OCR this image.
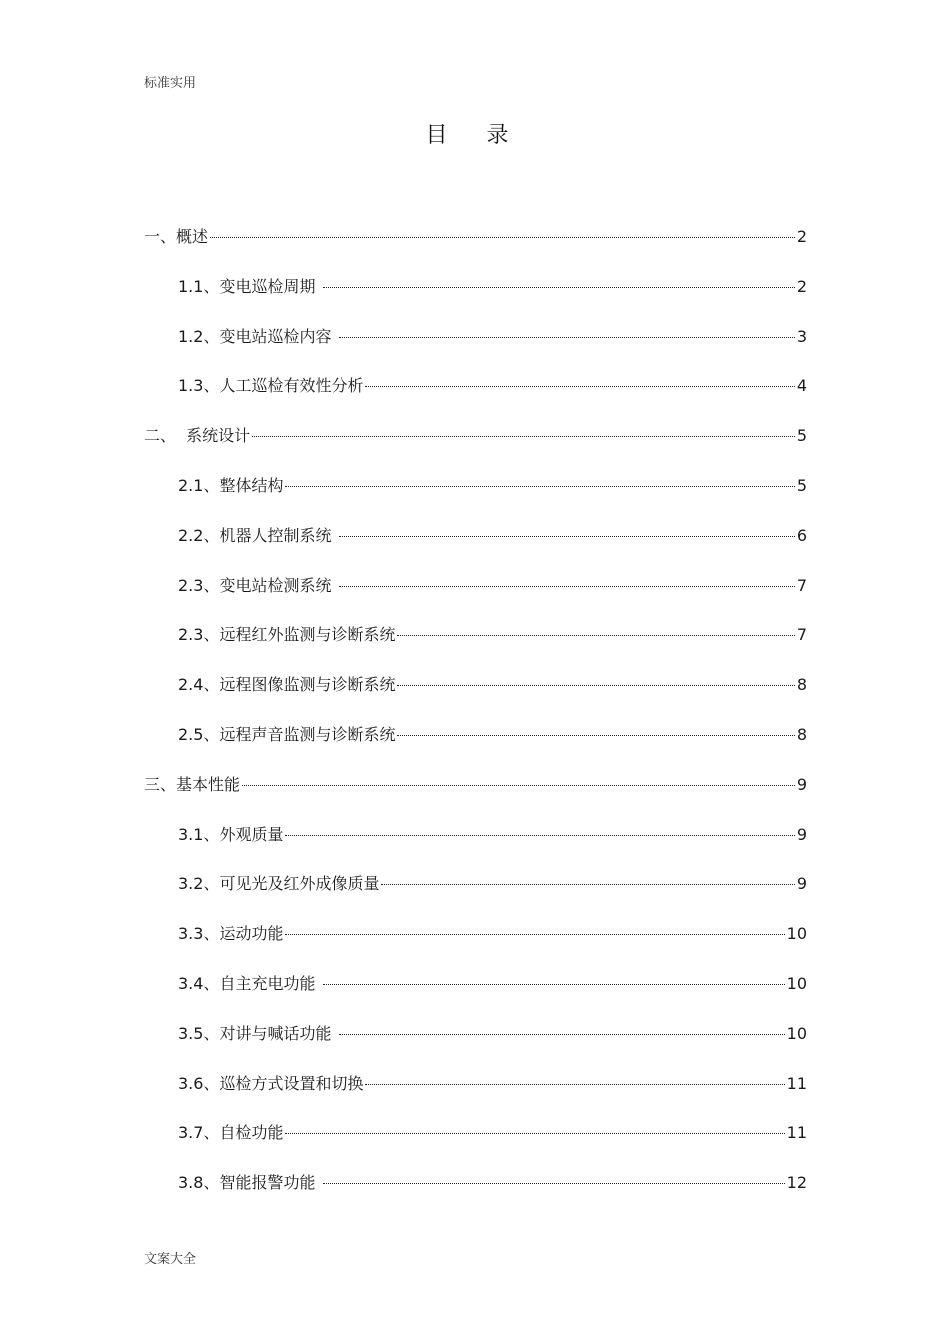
标准实用
目 录
一、概述	2
1.1、变电巡检周期	2
1.2、变电站巡检内容	3
1.3、人工巡检有效性分析	4
二、  系统设计	5
2.1、整体结构	5
2.2、机器人控制系统	6
2.3、变电站检测系统	7
2.3、远程红外监测与诊断系统	7
2.4、远程图像监测与诊断系统	8
2.5、远程声音监测与诊断系统	8
三、基本性能	9
3.1、外观质量	9
3.2、可见光及红外成像质量	9
3.3、运动功能	10
3.4、自主充电功能	10
3.5、对讲与喊话功能	10
3.6、巡检方式设置和切换	11
3.7、自检功能	11
3.8、智能报警功能	12
文案大全
